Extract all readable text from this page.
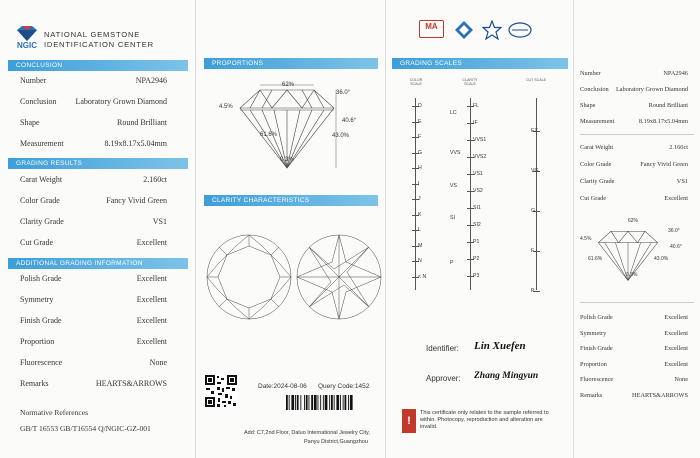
NGIC
NATIONAL GEMSTONE
IDENTIFICATION CENTER
CONCLUSION
GRADING RESULTS
ADDITIONAL GRADING INFORMATION
Normative References
GB/T 16553 GB/T16554 Q/NGIC-GZ-001
Number	NPA2946
Conclusion Laboratory Grown Diamond
Shape	Round Brilliant
Measurement	8.19x8.17x5.04mm
Carat Weight	2.160ct
Color Grade	Fancy Vivid Green
Clarity Grade	VS1
Cut Grade	Excellent
Polish Grade	Excellent
Symmetry	Excellent
Finish Grade	Excellent
Proportion	Excellent
Fluorescence	None
Remarks	HEARTS&ARROWS
PROPORTIONS
62%
36.0°
4.5%
40.6°
61.6%	43.0%
0.3%
CLARITY CHARACTERISTICS
Date:2024-08-06 Query Code:1452
Add: C7,2nd Floor, Daluo International Jewelry City,
Panyu District,Guangzhou
MA
GRADING SCALES
COLOR SCALE
CLARITY SCALE
CUT SCALE
Identifier: Lin Xuefen
Approver: Zhang Mingyun
!
This certificate only relates to the sample referred to within. Photocopy, reproduction and alteration are invalid.
D
E
F
G
H
I
J
K
L
M
N
< N
FL
IF
VVS1
VVS2
VS1
VS2
SI1
SI2
P1
P2
P3
EX
VG
G
F
P
LC
VVS
VS
SI
P
62%
36.0°
4.5%
40.6°
61.6%	43.0%
0.3%
Number	NPA2946
Conclusion Laboratory Grown Diamond
Shape	Round Brilliant
Measurement	8.19x8.17x5.04mm
Carat Weight	2.160ct
Color Grade	Fancy Vivid Green
Clarity Grade	VS1
Cut Grade	Excellent
Polish Grade	Excellent
Symmetry	Excellent
Finish Grade	Excellent
Proportion	Excellent
Fluorescence	None
Remarks	HEARTS&ARROWS
